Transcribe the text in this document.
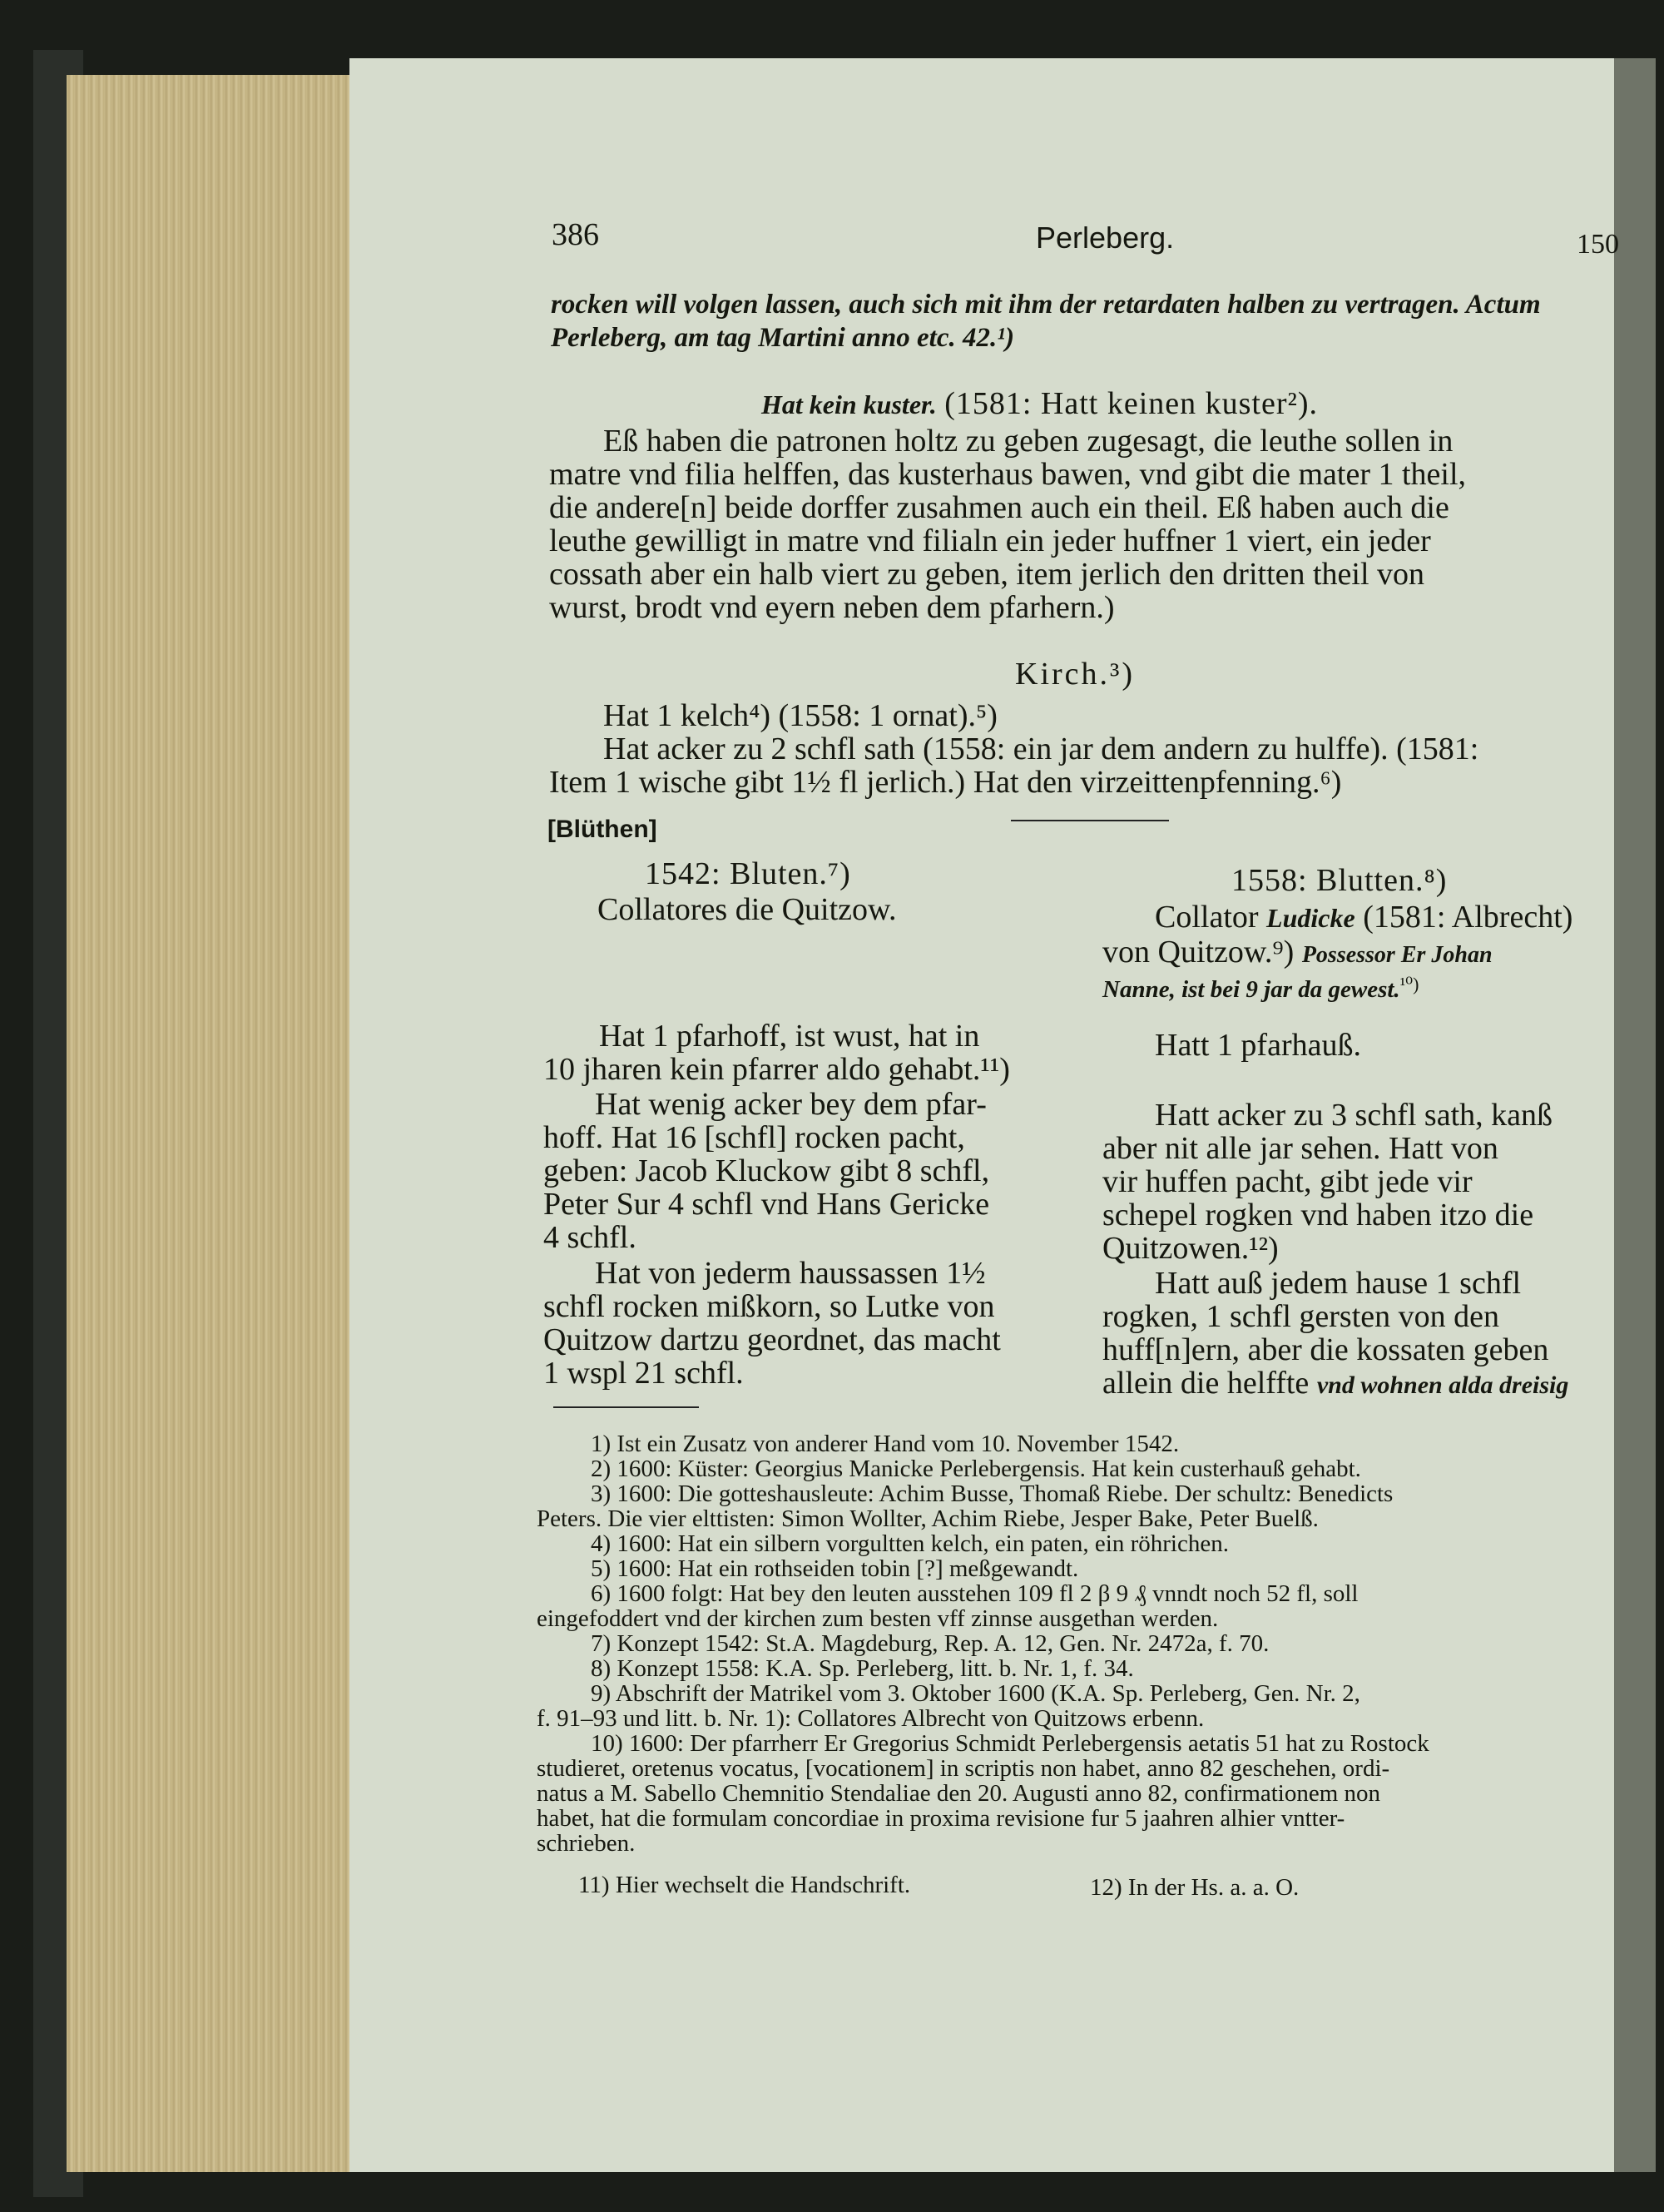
386	Perleberg.	150
rocken will volgen lassen, auch sich mit ihm der retardaten halben zu vertragen. Actum
Perleberg, am tag Martini anno etc. 42.¹)
Hat kein kuster. (1581: Hatt keinen kuster²).
Eß haben die patronen holtz zu geben zugesagt, die leuthe sollen in
matre vnd filia helffen, das kusterhaus bawen, vnd gibt die mater 1 theil,
die andere[n] beide dorffer zusahmen auch ein theil. Eß haben auch die
leuthe gewilligt in matre vnd filialn ein jeder huffner 1 viert, ein jeder
cossath aber ein halb viert zu geben, item jerlich den dritten theil von
wurst, brodt vnd eyern neben dem pfarhern.)
Kirch.³)
Hat 1 kelch⁴) (1558: 1 ornat).⁵)
Hat acker zu 2 schfl sath (1558: ein jar dem andern zu hulffe). (1581:
Item 1 wische gibt 1½ fl jerlich.) Hat den virzeittenpfenning.⁶)
[Blüthen]
1542: Bluten.⁷)
Collatores die Quitzow.
Hat 1 pfarhoff, ist wust, hat in
10 jharen kein pfarrer aldo gehabt.¹¹)
Hat wenig acker bey dem pfar-
hoff. Hat 16 [schfl] rocken pacht,
geben: Jacob Kluckow gibt 8 schfl,
Peter Sur 4 schfl vnd Hans Gericke
4 schfl.
Hat von jederm haussassen 1½
schfl rocken mißkorn, so Lutke von
Quitzow dartzu geordnet, das macht
1 wspl 21 schfl.
1558: Blutten.⁸)
Collator Ludicke (1581: Albrecht)
von Quitzow.⁹) Possessor Er Johan
Nanne, ist bei 9 jar da gewest.$^{^{10})}$
Hatt 1 pfarhauß.
Hatt acker zu 3 schfl sath, kanß
aber nit alle jar sehen. Hatt von
vir huffen pacht, gibt jede vir
schepel rogken vnd haben itzo die
Quitzowen.¹²)
Hatt auß jedem hause 1 schfl
rogken, 1 schfl gersten von den
huff[n]ern, aber die kossaten geben
allein die helffte vnd wohnen alda dreisig
1) Ist ein Zusatz von anderer Hand vom 10. November 1542.
2) 1600: Küster: Georgius Manicke Perlebergensis. Hat kein custerhauß gehabt.
3) 1600: Die gotteshausleute: Achim Busse, Thomaß Riebe. Der schultz: Benedicts
Peters. Die vier elttisten: Simon Wollter, Achim Riebe, Jesper Bake, Peter Buelß.
4) 1600: Hat ein silbern vorgultten kelch, ein paten, ein röhrichen.
5) 1600: Hat ein rothseiden tobin [?] meßgewandt.
6) 1600 folgt: Hat bey den leuten ausstehen 109 fl 2 β 9 ₰ vnndt noch 52 fl, soll
eingefoddert vnd der kirchen zum besten vff zinnse ausgethan werden.
7) Konzept 1542: St.A. Magdeburg, Rep. A. 12, Gen. Nr. 2472a, f. 70.
8) Konzept 1558: K.A. Sp. Perleberg, litt. b. Nr. 1, f. 34.
9) Abschrift der Matrikel vom 3. Oktober 1600 (K.A. Sp. Perleberg, Gen. Nr. 2,
f. 91–93 und litt. b. Nr. 1): Collatores Albrecht von Quitzows erbenn.
10) 1600: Der pfarrherr Er Gregorius Schmidt Perlebergensis aetatis 51 hat zu Rostock
studieret, oretenus vocatus, [vocationem] in scriptis non habet, anno 82 geschehen, ordi-
natus a M. Sabello Chemnitio Stendaliae den 20. Augusti anno 82, confirmationem non
habet, hat die formulam concordiae in proxima revisione fur 5 jaahren alhier vntter-
schrieben.
11) Hier wechselt die Handschrift.	12) In der Hs. a. a. O.
